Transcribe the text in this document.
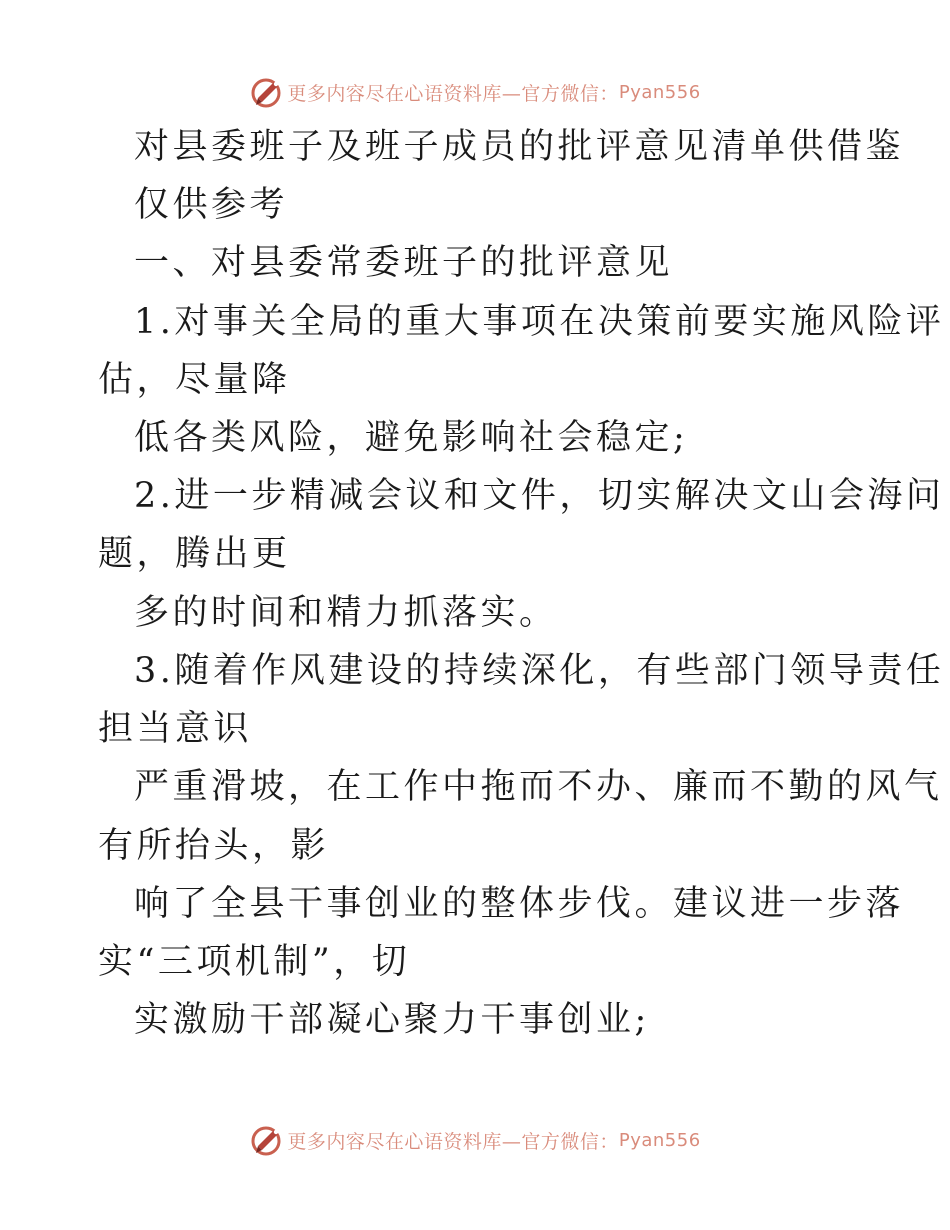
更多内容尽在心语资料库—官方微信： Pyan556
对县委班子及班子成员的批评意见清单供借鉴
仅供参考
一、对县委常委班子的批评意见
1.对事关全局的重大事项在决策前要实施风险评
估，尽量降
低各类风险，避免影响社会稳定;
2.进一步精减会议和文件，切实解决文山会海问
题，腾出更
多的时间和精力抓落实。
3.随着作风建设的持续深化，有些部门领导责任
担当意识
严重滑坡，在工作中拖而不办、廉而不勤的风气
有所抬头，影
响了全县干事创业的整体步伐。建议进一步落
实“三项机制”，切
实激励干部凝心聚力干事创业;
更多内容尽在心语资料库—官方微信： Pyan556
